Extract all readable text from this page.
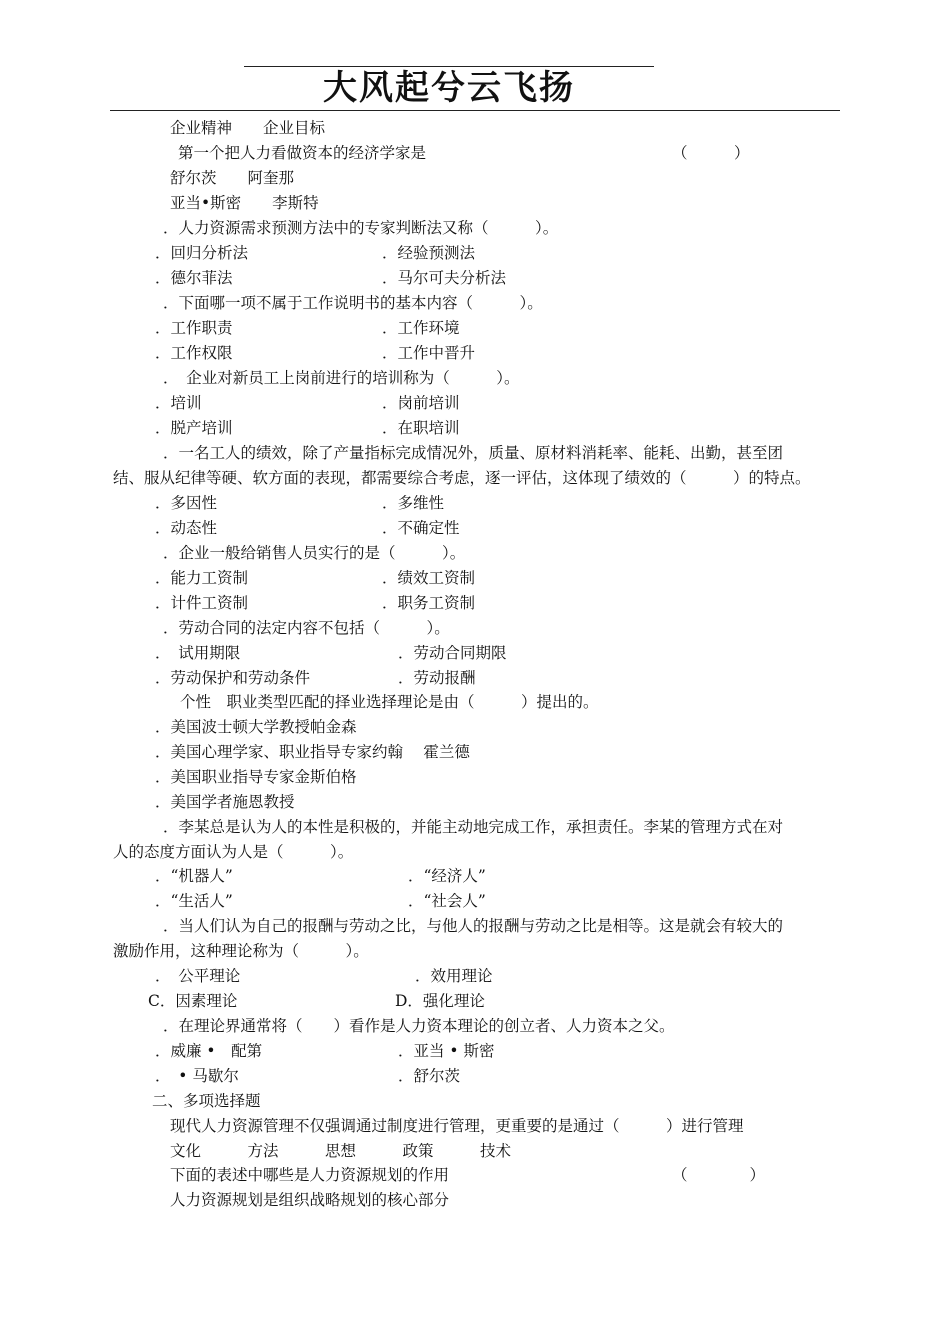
大风起兮云飞扬
企业精神　　企业目标
第一个把人力看做资本的经济学家是	（　　　）
舒尔茨　　阿奎那
亚当•斯密　　李斯特
．人力资源需求预测方法中的专家判断法又称（　　　）。
．回归分析法	．经验预测法
．德尔菲法	．马尔可夫分析法
．下面哪一项不属于工作说明书的基本内容（　　　）。
．工作职责	．工作环境
．工作权限	．工作中晋升
．　企业对新员工上岗前进行的培训称为（　　　）。
．培训	．岗前培训
．脱产培训	．在职培训
．一名工人的绩效，除了产量指标完成情况外，质量、原材料消耗率、能耗、出勤，甚至团
结、服从纪律等硬、软方面的表现，都需要综合考虑，逐一评估，这体现了绩效的（　　　）的特点。
．多因性	．多维性
．动态性	．不确定性
．企业一般给销售人员实行的是（　　　）。
．能力工资制	．绩效工资制
．计件工资制	．职务工资制
．劳动合同的法定内容不包括（　　　）。
．　试用期限	．劳动合同期限
．劳动保护和劳动条件	．劳动报酬
个性　职业类型匹配的择业选择理论是由（　　　）提出的。
．美国波士顿大学教授帕金森
．美国心理学家、职业指导专家约翰　 霍兰德
．美国职业指导专家金斯伯格
．美国学者施恩教授
．李某总是认为人的本性是积极的，并能主动地完成工作，承担责任。李某的管理方式在对
人的态度方面认为人是（　　　）。
．“机器人”	．“经济人”
．“生活人”	．“社会人”
．当人们认为自己的报酬与劳动之比，与他人的报酬与劳动之比是相等。这是就会有较大的
激励作用，这种理论称为（　　　）。
．　公平理论	．效用理论
C．因素理论	D．强化理论
．在理论界通常将（　　）看作是人力资本理论的创立者、人力资本之父。
．威廉 •　配第	．亚当 • 斯密
．　• 马歇尔	．舒尔茨
二、多项选择题
现代人力资源管理不仅强调通过制度进行管理，更重要的是通过（　　　）进行管理
文化　　　方法　　　思想　　　政策　　　技术
下面的表述中哪些是人力资源规划的作用	（　　　　）
人力资源规划是组织战略规划的核心部分
